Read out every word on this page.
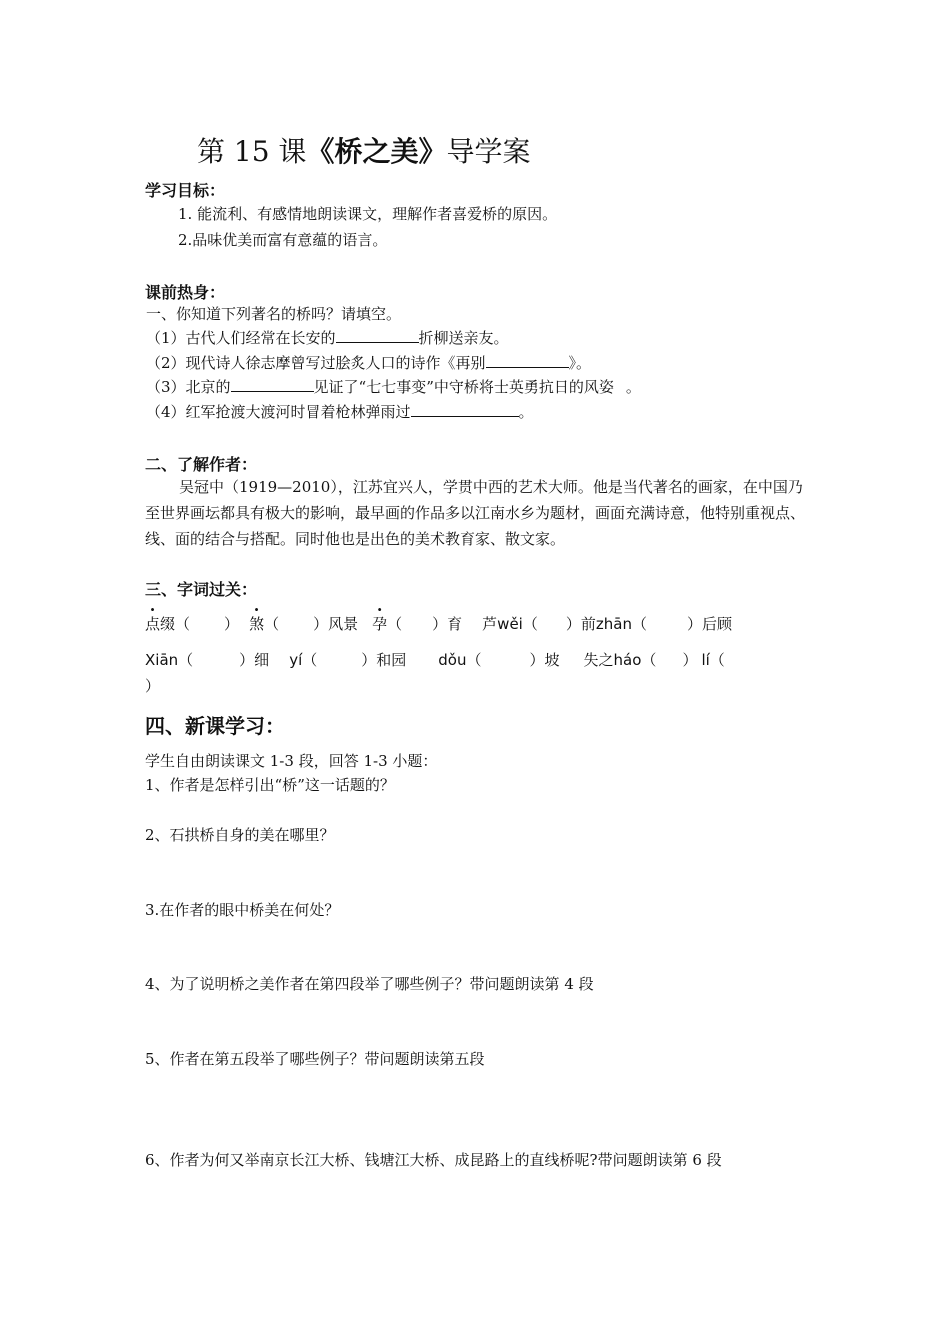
第 15 课《桥之美》导学案
学习目标：
1. 能流利、有感情地朗读课文，理解作者喜爱桥的原因。
2.品味优美而富有意蕴的语言。
课前热身：
一、你知道下列著名的桥吗？请填空。
（1）古代人们经常在长安的	折柳送亲友。
（2）现代诗人徐志摩曾写过脍炙人口的诗作《再别	》。
（3）北京的	见证了“七七事变”中守桥将士英勇抗日的风姿 。
（4）红军抢渡大渡河时冒着枪林弹雨过	。
二、了解作者：
吴冠中（1919—2010），江苏宜兴人，学贯中西的艺术大师。他是当代著名的画家，在中国乃至世界画坛都具有极大的影响，最早画的作品多以江南水乡为题材，画面充满诗意，他特别重视点、线、面的结合与搭配。同时他也是出色的美术教育家、散文家。
三、字词过关：
点缀（ ） 煞（ ）风景 孕（ ）育 芦wěi（ ）前zhān（	）后顾
Xiān（	）细 yí（	）和园 dǒu（	）坡 失之háo（ ） lí（
）
四、新课学习：
学生自由朗读课文 1-3 段，回答 1-3 小题：
1、作者是怎样引出“桥”这一话题的？
2、石拱桥自身的美在哪里？
3.在作者的眼中桥美在何处？
4、为了说明桥之美作者在第四段举了哪些例子？带问题朗读第 4 段
5、作者在第五段举了哪些例子？带问题朗读第五段
6、作者为何又举南京长江大桥、钱塘江大桥、成昆路上的直线桥呢?带问题朗读第 6 段
